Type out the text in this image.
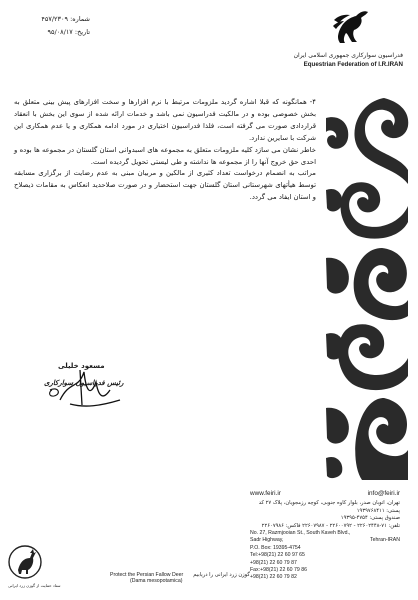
شماره: ۴۵۷/۲۳۰۹
تاریخ: ۹۵/۰۸/۱۷
فدراسیون سوارکاری جمهوری اسلامی ایران
Equestrian Federation of I.R.IRAN

۴- همانگونه که قبلا اشاره گردید ملزومات مرتبط با نرم افزارها و سخت افزارهای پیش بینی متعلق به بخش خصوصی بوده و در مالکیت فدراسیون نمی باشد و خدمات ارائه شده از سوی این بخش با انعقاد قراردادی صورت می گرفته است، فلذا فدراسیون اختیاری در مورد ادامه همکاری و یا عدم همکاری این شرکت با سایرین ندارد.

خاطر نشان می سازد کلیه ملزومات متعلق به مجموعه های اسبدوانی استان گلستان در مجموعه ها بوده و احدی حق خروج آنها را از مجموعه ها نداشته و طی لیستی تحویل گردیده است.

مراتب به انضمام درخواست تعداد کثیری از مالکین و مربیان مبنی به عدم رضایت از برگزاری مسابقه توسط هیأتهای شهرستانی استان گلستان جهت استحضار و در صورت صلاحدید انعکاس به مقامات ذیصلاح و استان ایفاد می گردد.

مسعود خلیلی
رئیس فدراسیون سوارکاری
www.feiri.ir	info@feiri.ir
تهران، اتوبان صدر، بلوار کاوه جنوبی، کوچه رزمجویان، پلاک ۲۷ کد پستی: ۱۹۳۹۷۶۸۴۱۱
صندوق پستی: ۴۷۵۴-۱۹۳۹۵
تلفن: ۷۱-۲۲۶۰۲۴۴۸ - ۲۲۶۰۰۷۹۲ - ۲۲۶۰۷۹۸۷ فاکس: ۲۲۶۰۷۹۸۶
No. 27, Razmjooian St., South Kaveh Blvd.,
Sadr Highway,	Tehran-IRAN
P.O. Box: 19395-4754
Tel:+98(21) 22 60 97 65
+98(21) 22 60 79 87
Fax:+98(21) 22 60 79 86
+98(21) 22 60 79 82
ستاد حمایت از گوزن زرد ایرانی
Protect the Persian Fallow Deer گوزن زرد ایرانی را دریابیم
(Dama mesopotamica)
